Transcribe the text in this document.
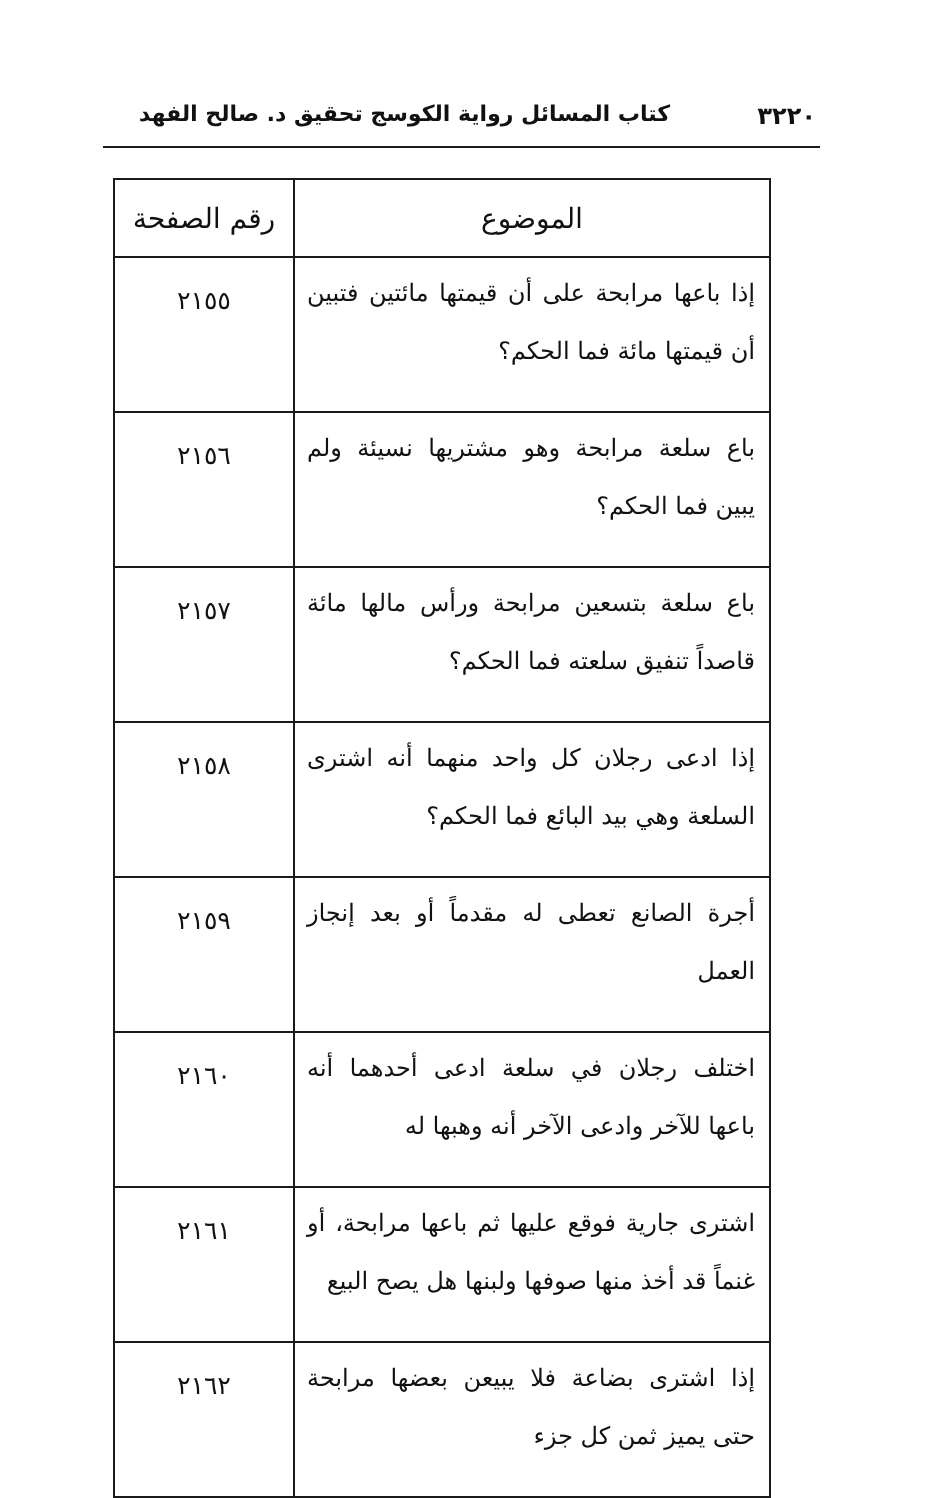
٣٢٢٠
كتاب المسائل رواية الكوسج تحقيق د. صالح الفهد
الموضوع	رقم الصفحة
إذا باعها مرابحة على أن قيمتها مائتين فتبين أن قيمتها مائة فما الحكم؟	٢١٥٥
باع سلعة مرابحة وهو مشتريها نسيئة ولم يبين فما الحكم؟	٢١٥٦
باع سلعة بتسعين مرابحة ورأس مالها مائة قاصداً تنفيق سلعته فما الحكم؟	٢١٥٧
إذا ادعى رجلان كل واحد منهما أنه اشترى السلعة وهي بيد البائع فما الحكم؟	٢١٥٨
أجرة الصانع تعطى له مقدماً أو بعد إنجاز العمل	٢١٥٩
اختلف رجلان في سلعة ادعى أحدهما أنه باعها للآخر وادعى الآخر أنه وهبها له	٢١٦٠
اشترى جارية فوقع عليها ثم باعها مرابحة، أو غنماً قد أخذ منها صوفها ولبنها هل يصح البيع	٢١٦١
إذا اشترى بضاعة فلا يبيعن بعضها مرابحة حتى يميز ثمن كل جزء	٢١٦٢
